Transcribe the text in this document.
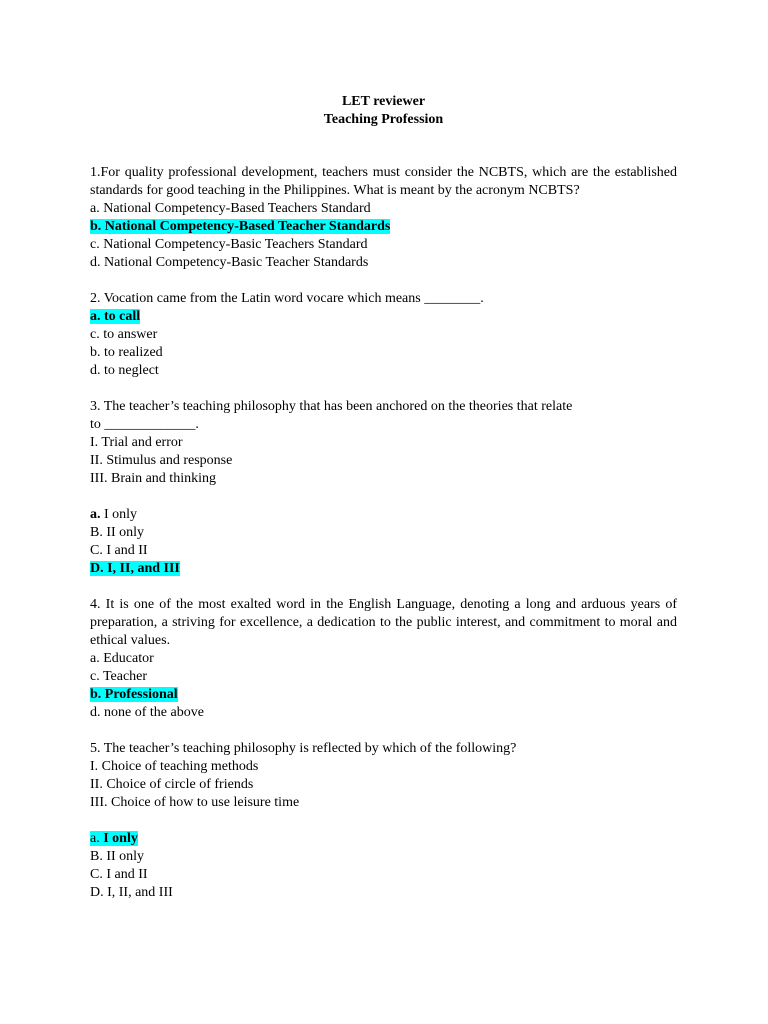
LET reviewer
Teaching Profession
1.For quality professional development, teachers must consider the NCBTS, which are the established standards for good teaching in the Philippines. What is meant by the acronym NCBTS?
a. National Competency-Based Teachers Standard
b. National Competency-Based Teacher Standards
c. National Competency-Basic Teachers Standard
d. National Competency-Basic Teacher Standards
2. Vocation came from the Latin word vocare which means ________.
a. to call
c. to answer
b. to realized
d. to neglect
3. The teacher’s teaching philosophy that has been anchored on the theories that relate
to _____________.
I. Trial and error
II. Stimulus and response
III. Brain and thinking
a. I only
B. II only
C. I and II
D. I, II, and III
4. It is one of the most exalted word in the English Language, denoting a long and arduous years of preparation, a striving for excellence, a dedication to the public interest, and commitment to moral and ethical values.
a. Educator
c. Teacher
b. Professional
d. none of the above
5. The teacher’s teaching philosophy is reflected by which of the following?
I. Choice of teaching methods
II. Choice of circle of friends
III. Choice of how to use leisure time
a. I only
B. II only
C. I and II
D. I, II, and III
